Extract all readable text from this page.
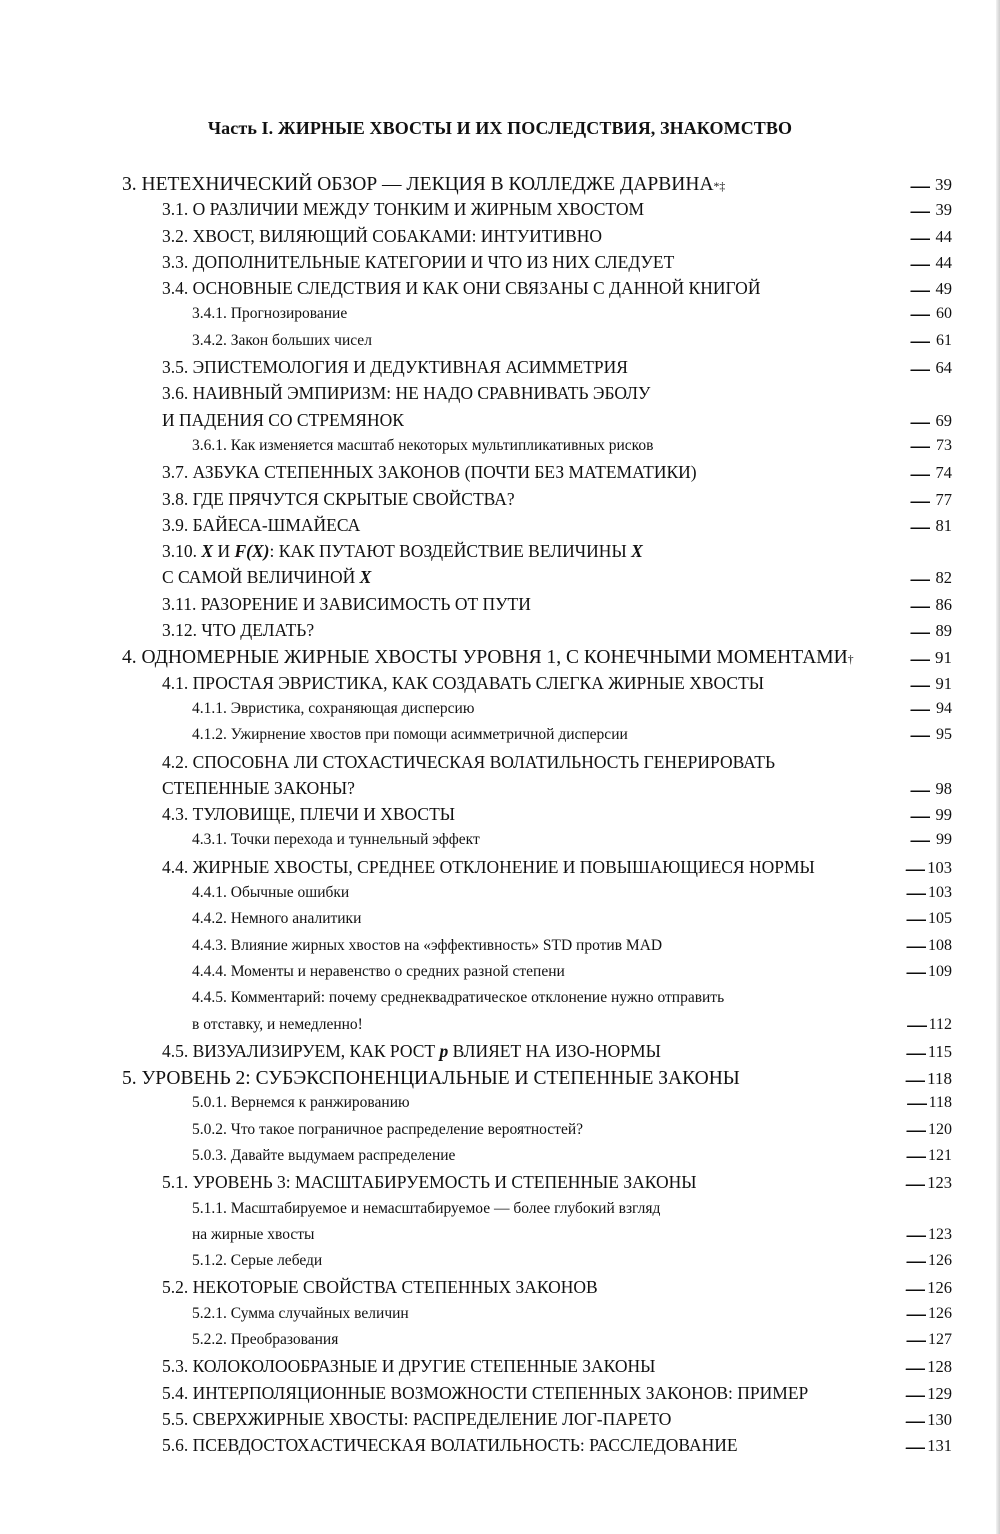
Часть I. ЖИРНЫЕ ХВОСТЫ И ИХ ПОСЛЕДСТВИЯ, ЗНАКОМСТВО
3. НЕТЕХНИЧЕСКИЙ ОБЗОР — ЛЕКЦИЯ В КОЛЛЕДЖЕ ДАРВИНА *‡ . . .	39
3.1. О РАЗЛИЧИИ МЕЖДУ ТОНКИМ И ЖИРНЫМ ХВОСТОМ . . .	39
3.2. ХВОСТ, ВИЛЯЮЩИЙ СОБАКАМИ: ИНТУИТИВНО . . .	44
3.3. ДОПОЛНИТЕЛЬНЫЕ КАТЕГОРИИ И ЧТО ИЗ НИХ СЛЕДУЕТ . . .	44
3.4. ОСНОВНЫЕ СЛЕДСТВИЯ И КАК ОНИ СВЯЗАНЫ С ДАННОЙ КНИГОЙ . . .	49
3.4.1. Прогнозирование . . .	60
3.4.2. Закон больших чисел . . .	61
3.5. ЭПИСТЕМОЛОГИЯ И ДЕДУКТИВНАЯ АСИММЕТРИЯ . . .	64
3.6. НАИВНЫЙ ЭМПИРИЗМ: НЕ НАДО СРАВНИВАТЬ ЭБОЛУ
И ПАДЕНИЯ СО СТРЕМЯНОК . . .	69
3.6.1. Как изменяется масштаб некоторых мультипликативных рисков . . .	73
3.7. АЗБУКА СТЕПЕННЫХ ЗАКОНОВ (ПОЧТИ БЕЗ МАТЕМАТИКИ) . . .	74
3.8. ГДЕ ПРЯЧУТСЯ СКРЫТЫЕ СВОЙСТВА? . . .	77
3.9. БАЙЕСА-ШМАЙЕСА . . .	81
3.10. X И F(X): КАК ПУТАЮТ ВОЗДЕЙСТВИЕ ВЕЛИЧИНЫ X
С САМОЙ ВЕЛИЧИНОЙ X . . .	82
3.11. РАЗОРЕНИЕ И ЗАВИСИМОСТЬ ОТ ПУТИ . . .	86
3.12. ЧТО ДЕЛАТЬ? . . .	89
4. ОДНОМЕРНЫЕ ЖИРНЫЕ ХВОСТЫ УРОВНЯ 1, С КОНЕЧНЫМИ МОМЕНТАМИ † . . .	91
4.1. ПРОСТАЯ ЭВРИСТИКА, КАК СОЗДАВАТЬ СЛЕГКА ЖИРНЫЕ ХВОСТЫ . . .	91
4.1.1. Эвристика, сохраняющая дисперсию . . .	94
4.1.2. Ужирнение хвостов при помощи асимметричной дисперсии . . .	95
4.2. СПОСОБНА ЛИ СТОХАСТИЧЕСКАЯ ВОЛАТИЛЬНОСТЬ ГЕНЕРИРОВАТЬ
СТЕПЕННЫЕ ЗАКОНЫ? . . .	98
4.3. ТУЛОВИЩЕ, ПЛЕЧИ И ХВОСТЫ . . .	99
4.3.1. Точки перехода и туннельный эффект . . .	99
4.4. ЖИРНЫЕ ХВОСТЫ, СРЕДНЕЕ ОТКЛОНЕНИЕ И ПОВЫШАЮЩИЕСЯ НОРМЫ . . .	103
4.4.1. Обычные ошибки . . .	103
4.4.2. Немного аналитики . . .	105
4.4.3. Влияние жирных хвостов на «эффективность» STD против MAD . . .	108
4.4.4. Моменты и неравенство о средних разной степени . . .	109
4.4.5. Комментарий: почему среднеквадратическое отклонение нужно отправить
в отставку, и немедленно! . . .	112
4.5. ВИЗУАЛИЗИРУЕМ, КАК РОСТ p ВЛИЯЕТ НА ИЗО-НОРМЫ . . .	115
5. УРОВЕНЬ 2: СУБЭКСПОНЕНЦИАЛЬНЫЕ И СТЕПЕННЫЕ ЗАКОНЫ . . .	118
5.0.1. Вернемся к ранжированию . . .	118
5.0.2. Что такое пограничное распределение вероятностей? . . .	120
5.0.3. Давайте выдумаем распределение . . .	121
5.1. УРОВЕНЬ 3: МАСШТАБИРУЕМОСТЬ И СТЕПЕННЫЕ ЗАКОНЫ . . .	123
5.1.1. Масштабируемое и немасштабируемое — более глубокий взгляд
на жирные хвосты . . .	123
5.1.2. Серые лебеди . . .	126
5.2. НЕКОТОРЫЕ СВОЙСТВА СТЕПЕННЫХ ЗАКОНОВ . . .	126
5.2.1. Сумма случайных величин . . .	126
5.2.2. Преобразования . . .	127
5.3. КОЛОКОЛООБРАЗНЫЕ И ДРУГИЕ СТЕПЕННЫЕ ЗАКОНЫ . . .	128
5.4. ИНТЕРПОЛЯЦИОННЫЕ ВОЗМОЖНОСТИ СТЕПЕННЫХ ЗАКОНОВ: ПРИМЕР . . .	129
5.5. СВЕРХЖИРНЫЕ ХВОСТЫ: РАСПРЕДЕЛЕНИЕ ЛОГ-ПАРЕТО . . .	130
5.6. ПСЕВДОСТОХАСТИЧЕСКАЯ ВОЛАТИЛЬНОСТЬ: РАССЛЕДОВАНИЕ . . .	131
